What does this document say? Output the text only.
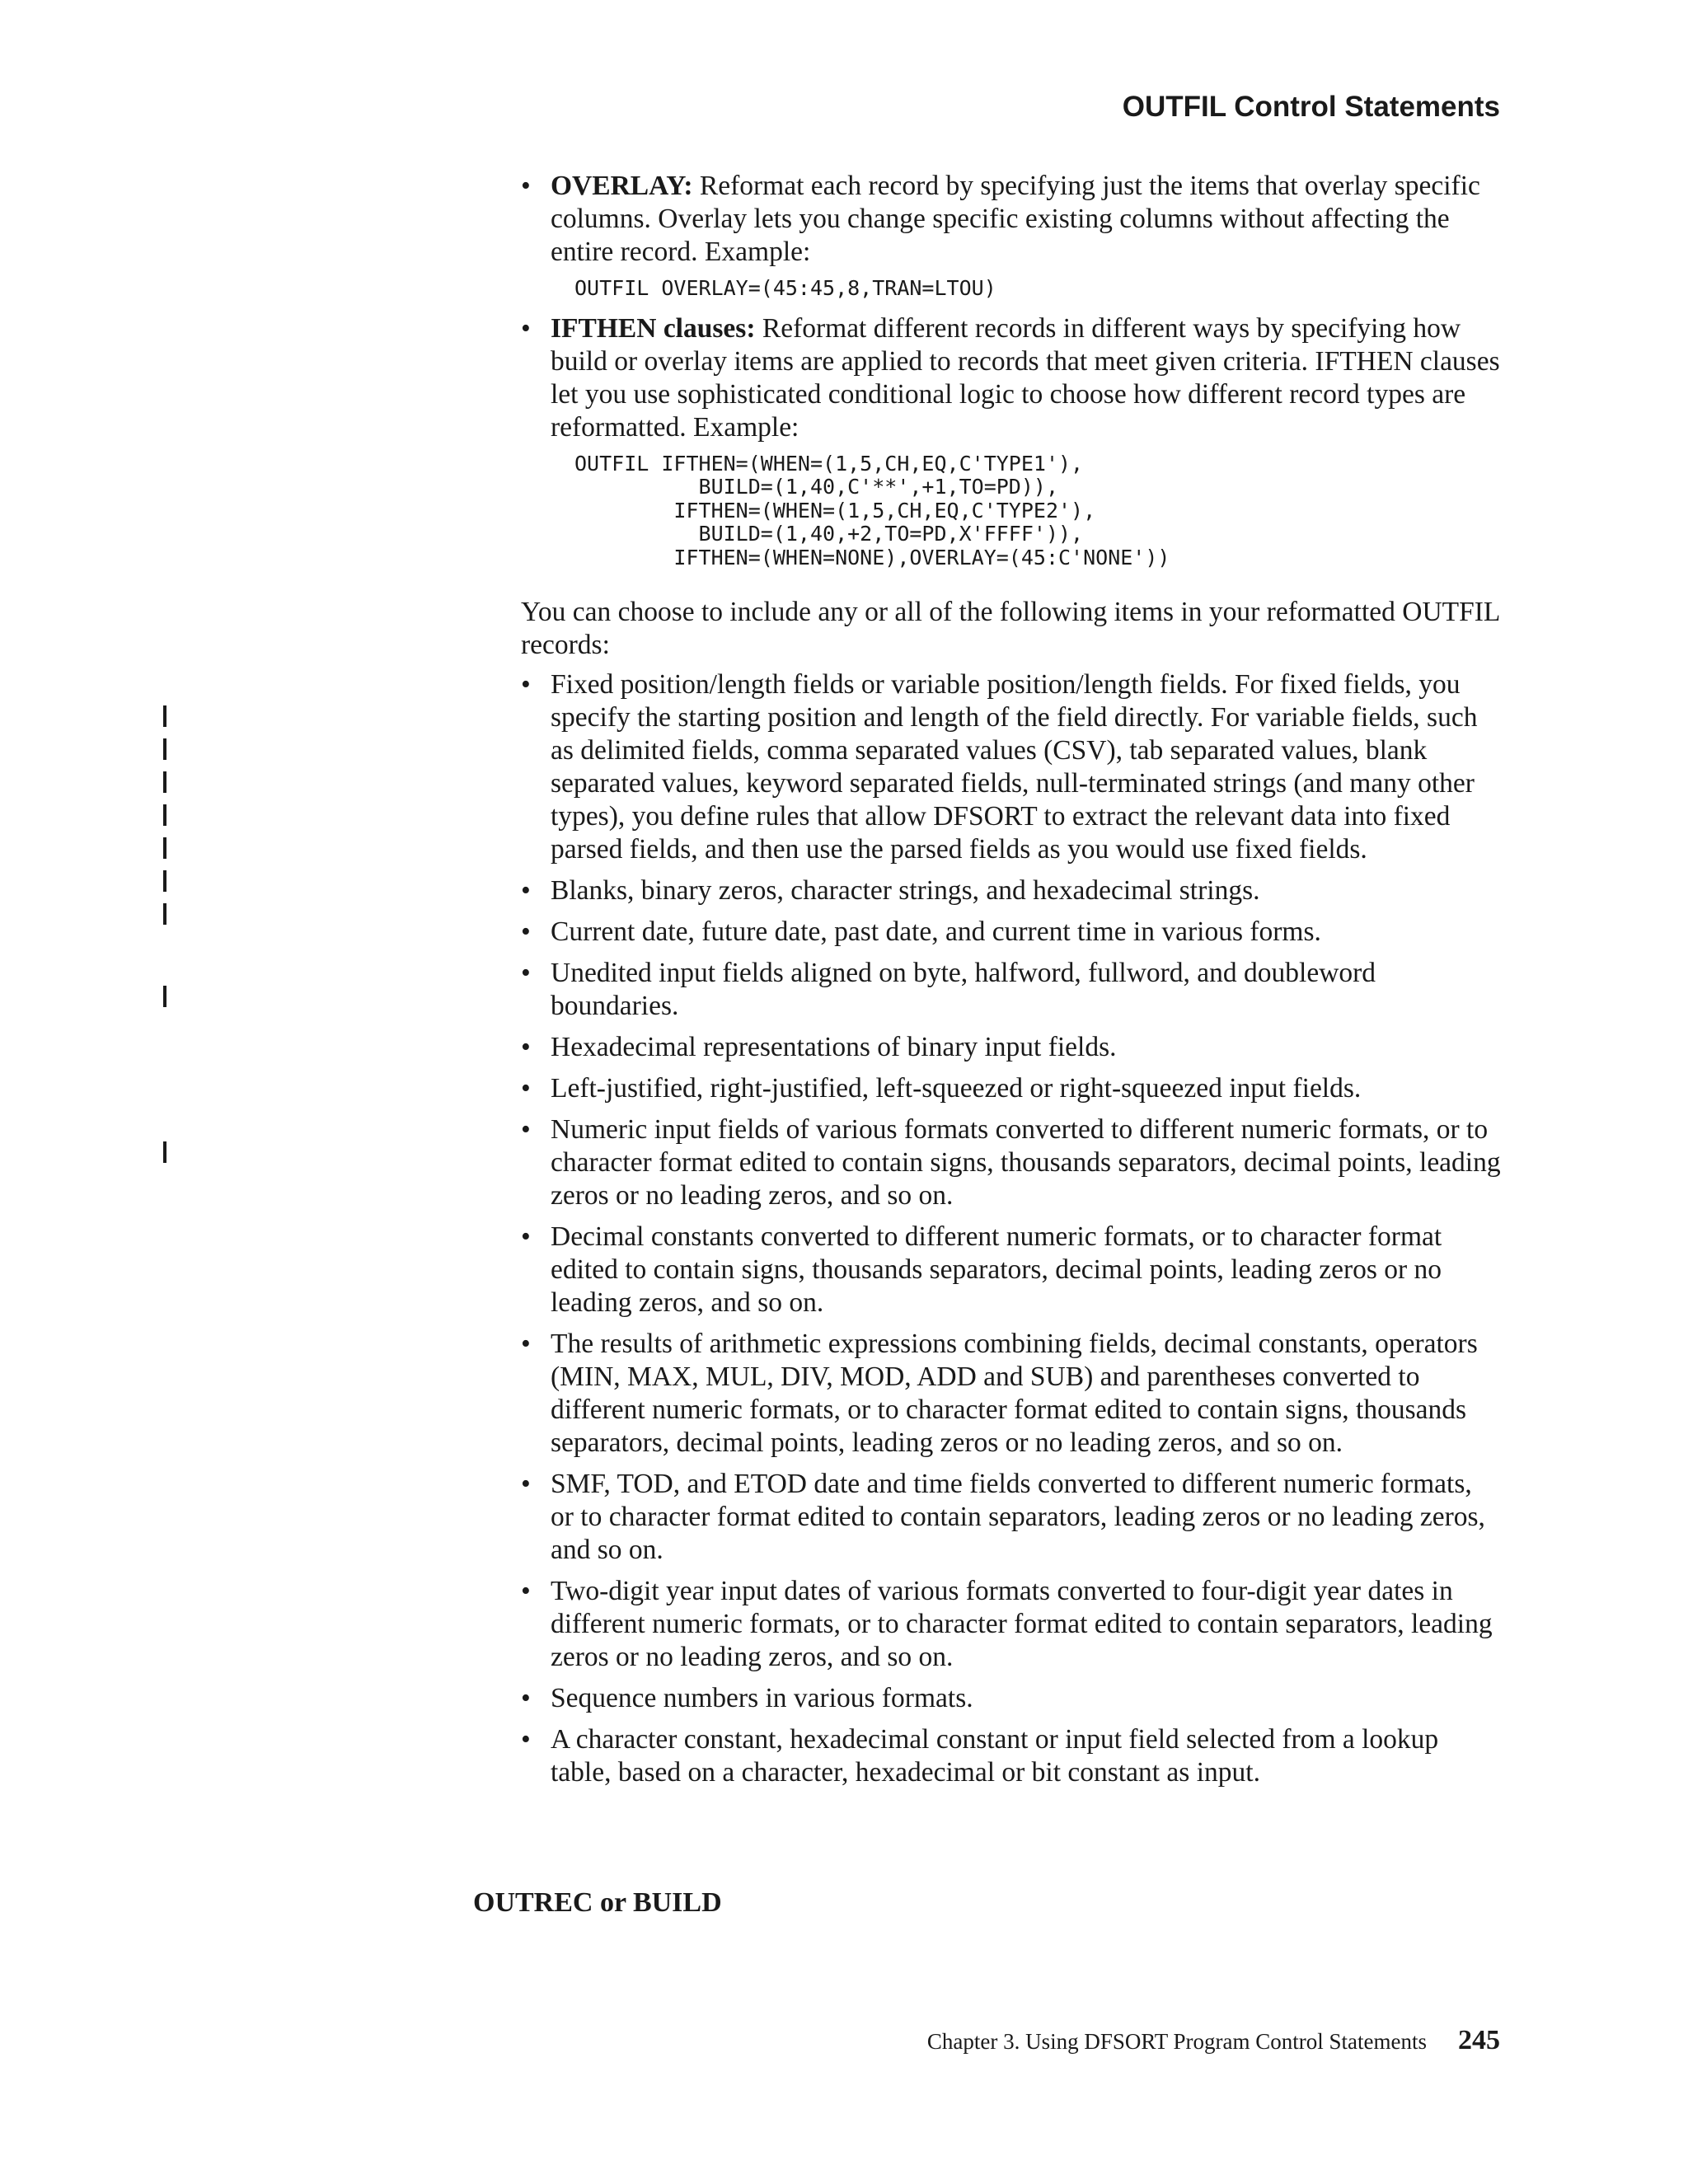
OUTFIL Control Statements
• OVERLAY: Reformat each record by specifying just the items that overlay specific columns. Overlay lets you change specific existing columns without affecting the entire record. Example:
OUTFIL OVERLAY=(45:45,8,TRAN=LTOU)
• IFTHEN clauses: Reformat different records in different ways by specifying how build or overlay items are applied to records that meet given criteria. IFTHEN clauses let you use sophisticated conditional logic to choose how different record types are reformatted. Example:
OUTFIL IFTHEN=(WHEN=(1,5,CH,EQ,C'TYPE1'),
BUILD=(1,40,C'**',+1,TO=PD)),
IFTHEN=(WHEN=(1,5,CH,EQ,C'TYPE2'),
BUILD=(1,40,+2,TO=PD,X'FFFF')),
IFTHEN=(WHEN=NONE),OVERLAY=(45:C'NONE'))

You can choose to include any or all of the following items in your reformatted OUTFIL records:

• Fixed position/length fields or variable position/length fields. For fixed fields, you specify the starting position and length of the field directly. For variable fields, such as delimited fields, comma separated values (CSV), tab separated values, blank separated values, keyword separated fields, null-terminated strings (and many other types), you define rules that allow DFSORT to extract the relevant data into fixed parsed fields, and then use the parsed fields as you would use fixed fields.
• Blanks, binary zeros, character strings, and hexadecimal strings.
• Current date, future date, past date, and current time in various forms.
• Unedited input fields aligned on byte, halfword, fullword, and doubleword boundaries.
• Hexadecimal representations of binary input fields.
• Left-justified, right-justified, left-squeezed or right-squeezed input fields.
• Numeric input fields of various formats converted to different numeric formats, or to character format edited to contain signs, thousands separators, decimal points, leading zeros or no leading zeros, and so on.
• Decimal constants converted to different numeric formats, or to character format edited to contain signs, thousands separators, decimal points, leading zeros or no leading zeros, and so on.
• The results of arithmetic expressions combining fields, decimal constants, operators (MIN, MAX, MUL, DIV, MOD, ADD and SUB) and parentheses converted to different numeric formats, or to character format edited to contain signs, thousands separators, decimal points, leading zeros or no leading zeros, and so on.
• SMF, TOD, and ETOD date and time fields converted to different numeric formats, or to character format edited to contain separators, leading zeros or no leading zeros, and so on.
• Two-digit year input dates of various formats converted to four-digit year dates in different numeric formats, or to character format edited to contain separators, leading zeros or no leading zeros, and so on.
• Sequence numbers in various formats.
• A character constant, hexadecimal constant or input field selected from a lookup table, based on a character, hexadecimal or bit constant as input.
OUTREC or BUILD
Chapter 3. Using DFSORT Program Control Statements 245
